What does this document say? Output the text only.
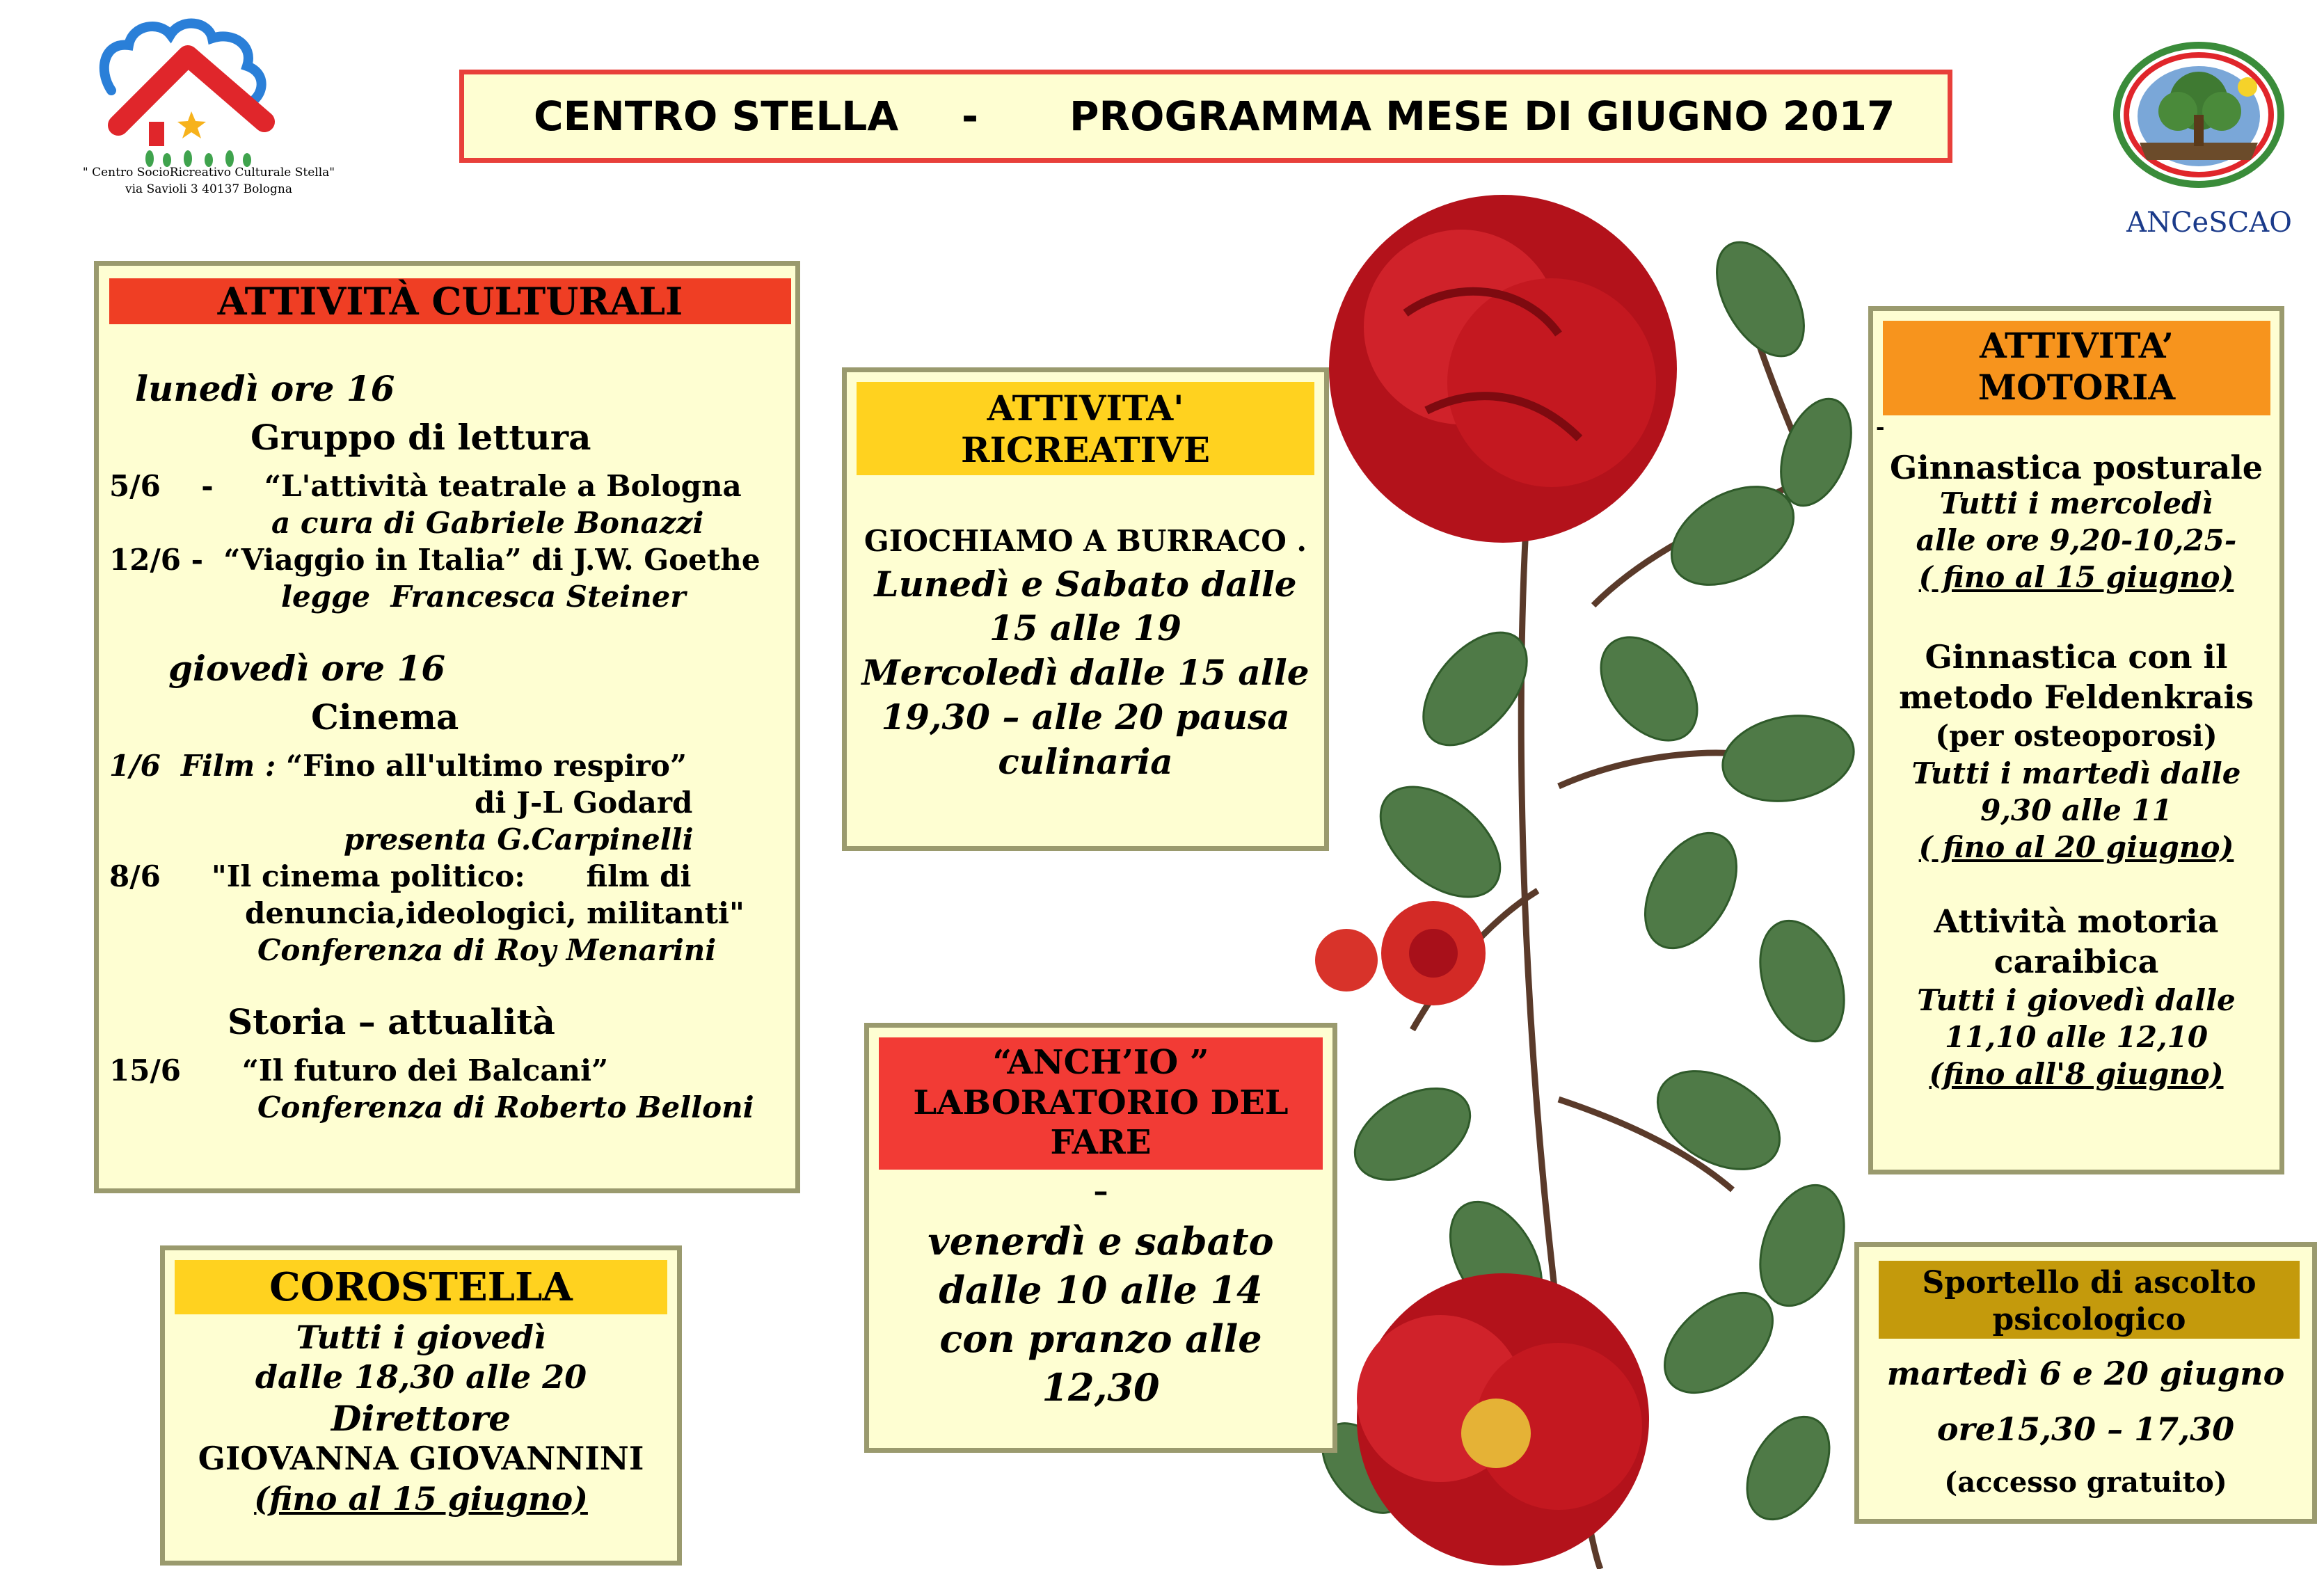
" Centro SocioRicreativo Culturale Stella"
via Savioli 3 40137 Bologna
ANCeSCAO
CENTRO STELLA - PROGRAMMA MESE DI GIUGNO 2017
ATTIVITÀ CULTURALI
lunedì ore 16
Gruppo di lettura
5/6    -     “L'attività teatrale a Bologna
a cura di Gabriele Bonazzi
12/6 -  “Viaggio in Italia” di J.W. Goethe
legge  Francesca Steiner
giovedì ore 16
Cinema
1/6  Film : “Fino all'ultimo respiro”
di J-L Godard
presenta G.Carpinelli
8/6     "Il cinema politico:      film di
denuncia,ideologici, militanti"
Conferenza di Roy Menarini
Storia – attualità
15/6      “Il futuro dei Balcani”
Conferenza di Roberto Belloni
ATTIVITA'
RICREATIVE
GIOCHIAMO A BURRACO .
Lunedì e Sabato dalle
15 alle 19
Mercoledì dalle 15 alle
19,30 – alle 20 pausa
culinaria
“ANCH’IO ”
LABORATORIO DEL
FARE
–
venerdì e sabato
dalle 10 alle 14
con pranzo alle
12,30
ATTIVITA’
MOTORIA
-
Ginnastica posturale
Tutti i mercoledì
alle ore 9,20-10,25-
( fino al 15 giugno)
Ginnastica con il
metodo Feldenkrais
(per osteoporosi)
Tutti i martedì dalle
9,30 alle 11
( fino al 20 giugno)
Attività motoria
caraibica
Tutti i giovedì dalle
11,10 alle 12,10
(fino all'8 giugno)
COROSTELLA
Tutti i giovedì
dalle 18,30 alle 20
Direttore
GIOVANNA GIOVANNINI
(fino al 15 giugno)
Sportello di ascolto
psicologico
martedì 6 e 20 giugno
ore15,30 – 17,30
(accesso gratuito)
